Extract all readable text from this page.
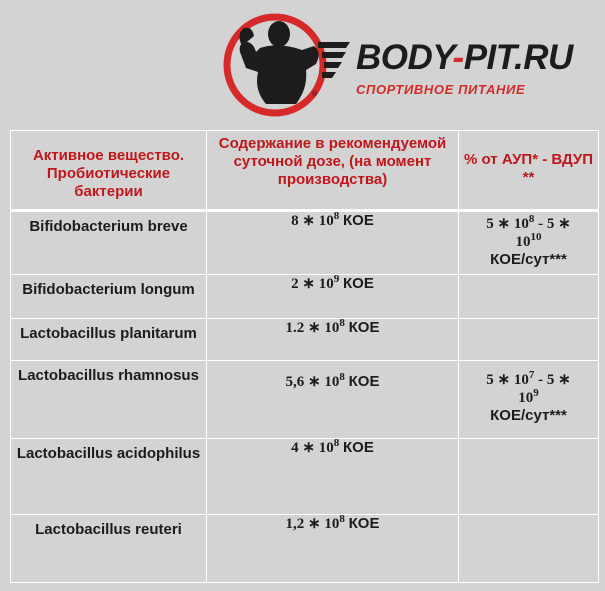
®
BODY-PIT.RU
СПОРТИВНОЕ ПИТАНИЕ
Активное вещество. Пробиотические бактерии	Содержание в рекомендуемой суточной дозе, (на момент производства)	% от АУП* - ВДУП **
Bifidobacterium breve	8 ∗ $10^8$ КОЕ	5 ∗ $10^8 - 5$ ∗
$10^{10}$
КОЕ/сут***
Bifidobacterium longum	2 ∗ $10^9$ КОЕ	
Lactobacillus planitarum	1.2 ∗ $10^8$ КОЕ	
Lactobacillus rhamnosus	5,6 ∗ $10^8$ КОЕ	5 ∗ $10^7 - 5$ ∗
$10^9$
КОЕ/сут***
Lactobacillus acidophilus	4 ∗ $10^8$ КОЕ	
Lactobacillus reuteri	1,2 ∗ $10^8$ КОЕ	
